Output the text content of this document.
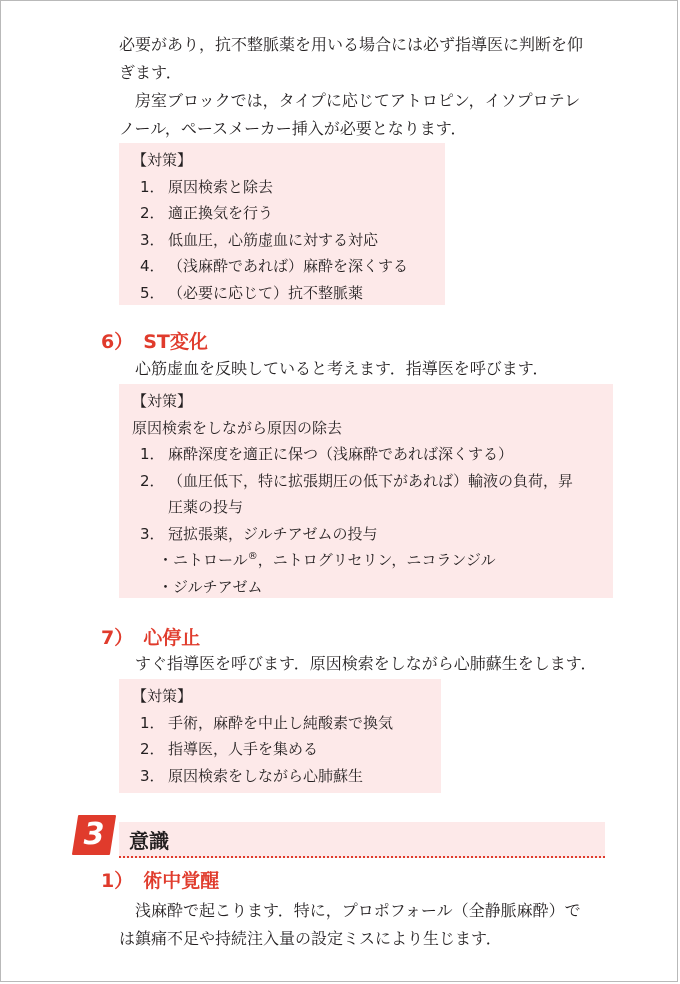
必要があり，抗不整脈薬を用いる場合には必ず指導医に判断を仰
ぎます．
　房室ブロックでは，タイプに応じてアトロピン，イソプロテレ
ノール，ペースメーカー挿入が必要となります．
【対策】
1． 原因検索と除去
2． 適正換気を行う
3． 低血圧，心筋虚血に対する対応
4． （浅麻酔であれば）麻酔を深くする
5． （必要に応じて）抗不整脈薬
6） ST変化
心筋虚血を反映していると考えます．指導医を呼びます．
【対策】
原因検索をしながら原因の除去
1． 麻酔深度を適正に保つ（浅麻酔であれば深くする）
2． （血圧低下，特に拡張期圧の低下があれば）輸液の負荷，昇
圧薬の投与
3． 冠拡張薬，ジルチアゼムの投与
・ニトロール®，ニトログリセリン，ニコランジル
・ジルチアゼム
7） 心停止
すぐ指導医を呼びます．原因検索をしながら心肺蘇生をします．
【対策】
1． 手術，麻酔を中止し純酸素で換気
2． 指導医，人手を集める
3． 原因検索をしながら心肺蘇生
3	意識
1） 術中覚醒
　浅麻酔で起こります．特に，プロポフォール（全静脈麻酔）で
は鎮痛不足や持続注入量の設定ミスにより生じます．
